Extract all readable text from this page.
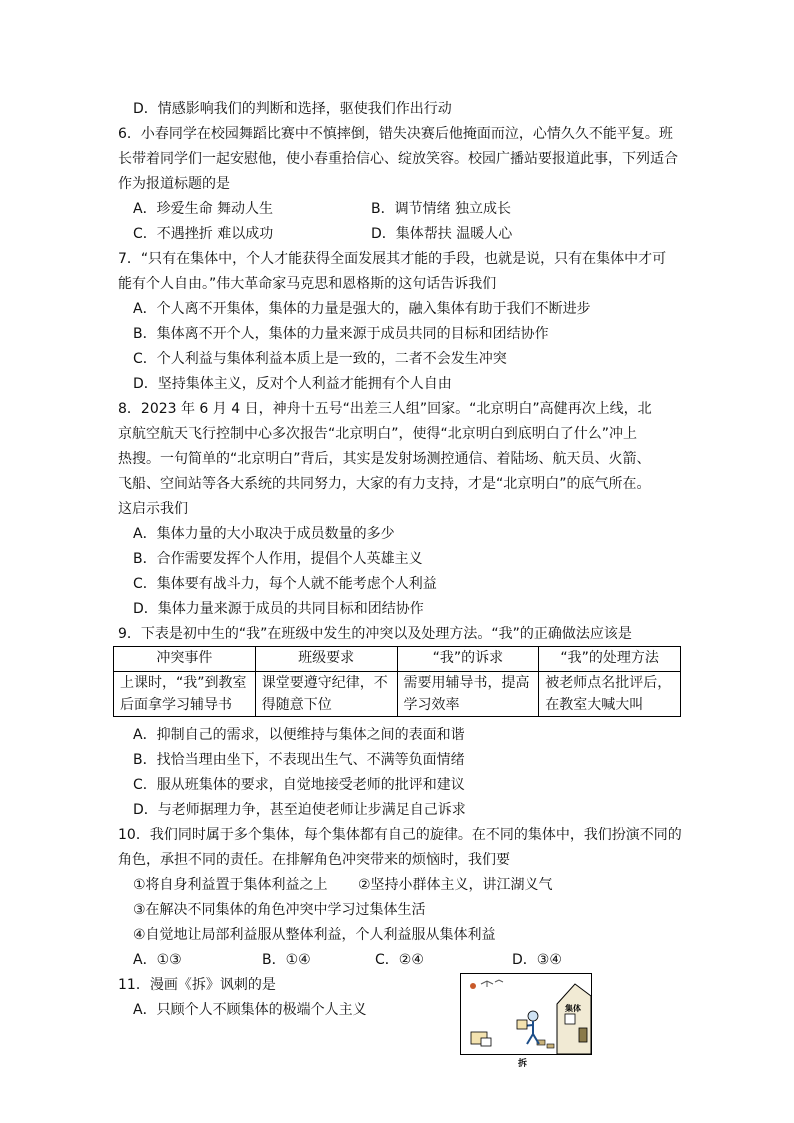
D．情感影响我们的判断和选择，驱使我们作出行动
6．小春同学在校园舞蹈比赛中不慎摔倒，错失决赛后他掩面而泣，心情久久不能平复。班
长带着同学们一起安慰他，使小春重拾信心、绽放笑容。校园广播站要报道此事，下列适合
作为报道标题的是
A．珍爱生命 舞动人生	B．调节情绪 独立成长
C．不遇挫折 难以成功	D．集体帮扶 温暖人心
7．“只有在集体中，个人才能获得全面发展其才能的手段，也就是说，只有在集体中才可
能有个人自由。”伟大革命家马克思和恩格斯的这句话告诉我们
A．个人离不开集体，集体的力量是强大的，融入集体有助于我们不断进步
B．集体离不开个人，集体的力量来源于成员共同的目标和团结协作
C．个人利益与集体利益本质上是一致的，二者不会发生冲突
D．坚持集体主义，反对个人利益才能拥有个人自由
8．2023 年 6 月 4 日，神舟十五号“出差三人组”回家。“北京明白”高健再次上线，北
京航空航天飞行控制中心多次报告“北京明白”，使得“北京明白到底明白了什么”冲上
热搜。一句简单的“北京明白”背后，其实是发射场测控通信、着陆场、航天员、火箭、
飞船、空间站等各大系统的共同努力，大家的有力支持，才是“北京明白”的底气所在。
这启示我们
A．集体力量的大小取决于成员数量的多少
B．合作需要发挥个人作用，提倡个人英雄主义
C．集体要有战斗力，每个人就不能考虑个人利益
D．集体力量来源于成员的共同目标和团结协作
9．下表是初中生的“我”在班级中发生的冲突以及处理方法。“我”的正确做法应该是
冲突事件	班级要求	“我”的诉求	“我”的处理方法
上课时，“我”到教室后面拿学习辅导书	课堂要遵守纪律，不得随意下位	需要用辅导书，提高学习效率	被老师点名批评后，在教室大喊大叫
A．抑制自己的需求，以便维持与集体之间的表面和谐
B．找恰当理由坐下，不表现出生气、不满等负面情绪
C．服从班集体的要求，自觉地接受老师的批评和建议
D．与老师据理力争，甚至迫使老师让步满足自己诉求
10．我们同时属于多个集体，每个集体都有自己的旋律。在不同的集体中，我们扮演不同的
角色，承担不同的责任。在排解角色冲突带来的烦恼时，我们要
①将自身利益置于集体利益之上 ②坚持小群体主义，讲江湖义气
③在解决不同集体的角色冲突中学习过集体生活
④自觉地让局部利益服从整体利益，个人利益服从集体利益
A．①③	B．①④	C．②④	D．③④
11．漫画《拆》讽刺的是
A．只顾个人不顾集体的极端个人主义	集体
拆
